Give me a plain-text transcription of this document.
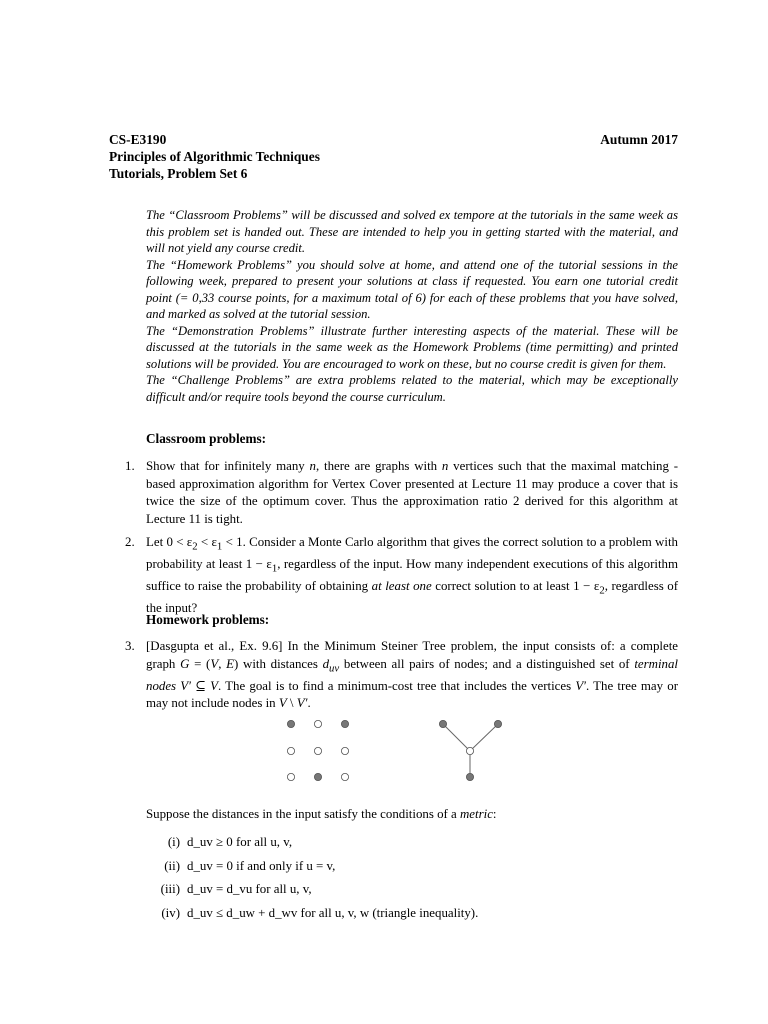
CS-E3190	Autumn 2017
Principles of Algorithmic Techniques
Tutorials, Problem Set 6

The “Classroom Problems” will be discussed and solved ex tempore at the tutorials in the same week as this problem set is handed out. These are intended to help you in getting started with the material, and will not yield any course credit.

The “Homework Problems” you should solve at home, and attend one of the tutorial sessions in the following week, prepared to present your solutions at class if requested. You earn one tutorial credit point (= 0,33 course points, for a maximum total of 6) for each of these problems that you have solved, and marked as solved at the tutorial session.

The “Demonstration Problems” illustrate further interesting aspects of the material. These will be discussed at the tutorials in the same week as the Homework Problems (time permitting) and printed solutions will be provided. You are encouraged to work on these, but no course credit is given for them.

The “Challenge Problems” are extra problems related to the material, which may be exceptionally difficult and/or require tools beyond the course curriculum.

Classroom problems:
1. Show that for infinitely many n, there are graphs with n vertices such that the maximal matching -based approximation algorithm for Vertex Cover presented at Lecture 11 may produce a cover that is twice the size of the optimum cover. Thus the approximation ratio 2 derived for this algorithm at Lecture 11 is tight.
2. Let $0 < \varepsilon_2 < \varepsilon_1 < 1$. Consider a Monte Carlo algorithm that gives the correct solution to a problem with probability at least $1 - \varepsilon_1$, regardless of the input. How many independent executions of this algorithm suffice to raise the probability of obtaining at least one correct solution to at least $1 - \varepsilon_2$, regardless of the input?
Homework problems:
3. [Dasgupta et al., Ex. 9.6] In the Minimum Steiner Tree problem, the input consists of: a complete graph G = (V, E) with distances $d_{uv}$ between all pairs of nodes; and a distinguished set of terminal nodes V′ ⊆ V. The goal is to find a minimum-cost tree that includes the vertices V′. The tree may or may not include nodes in V \ V′.
Suppose the distances in the input satisfy the conditions of a metric:
(i) d_uv ≥ 0 for all u, v,
(ii) d_uv = 0 if and only if u = v,
(iii) d_uv = d_vu for all u, v,
(iv) d_uv ≤ d_uw + d_wv for all u, v, w (triangle inequality).
